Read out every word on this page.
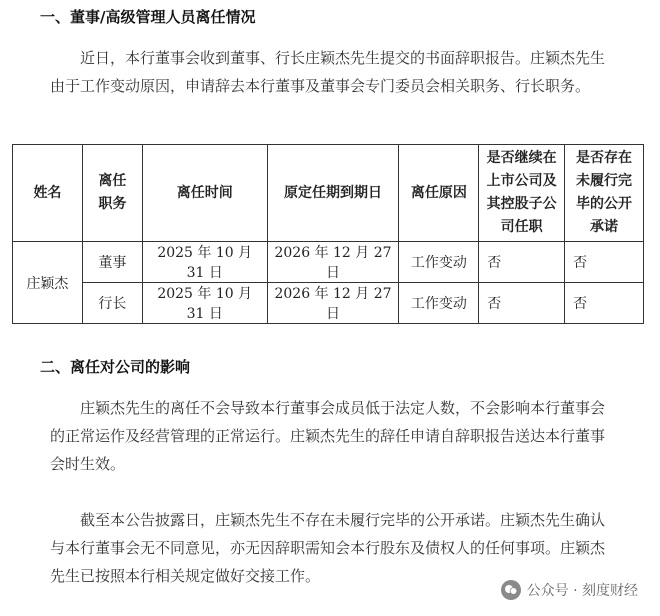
一、董事/高级管理人员离任情况

近日，本行董事会收到董事、行长庄颖杰先生提交的书面辞职报告。庄颖杰先生由于工作变动原因，申请辞去本行董事及董事会专门委员会相关职务、行长职务。

姓名	离任职务	离任时间	原定任期到期日	离任原因	是否继续在上市公司及其控股子公司任职	是否存在未履行完毕的公开承诺
庄颖杰	董事	2025 年 10 月 31 日	2026 年 12 月 27 日	工作变动	否	否
	行长	2025 年 10 月 31 日	2026 年 12 月 27 日	工作变动	否	否
二、离任对公司的影响

庄颖杰先生的离任不会导致本行董事会成员低于法定人数，不会影响本行董事会的正常运作及经营管理的正常运行。庄颖杰先生的辞任申请自辞职报告送达本行董事会时生效。

截至本公告披露日，庄颖杰先生不存在未履行完毕的公开承诺。庄颖杰先生确认与本行董事会无不同意见，亦无因辞职需知会本行股东及债权人的任何事项。庄颖杰先生已按照本行相关规定做好交接工作。

公众号 · 刻度财经
